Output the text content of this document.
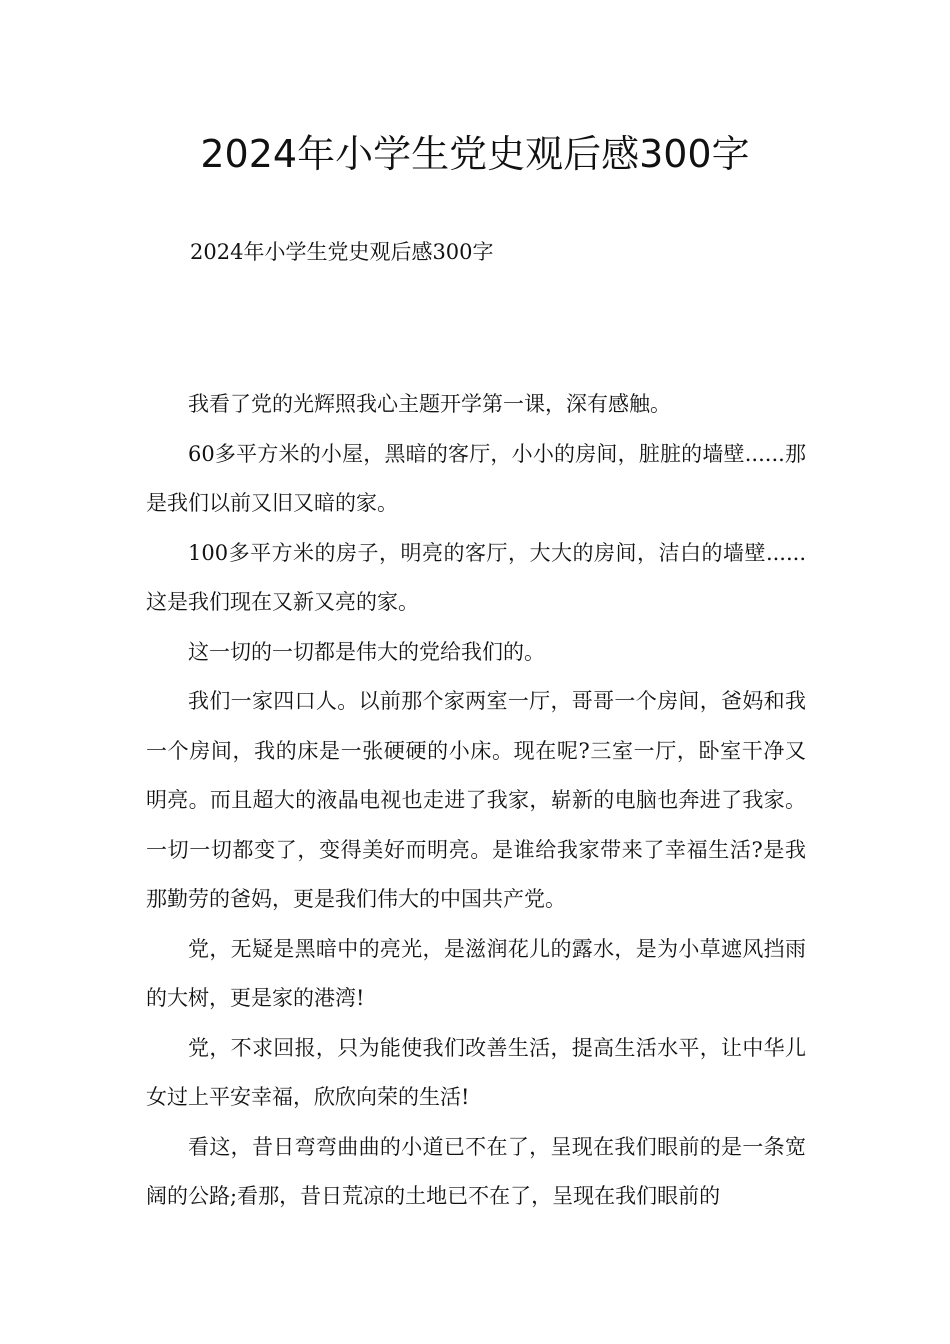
2024年小学生党史观后感300字

2024年小学生党史观后感300字

我看了党的光辉照我心主题开学第一课，深有感触。

60多平方米的小屋，黑暗的客厅，小小的房间，脏脏的墙壁......那是我们以前又旧又暗的家。

100多平方米的房子，明亮的客厅，大大的房间，洁白的墙壁......这是我们现在又新又亮的家。

这一切的一切都是伟大的党给我们的。

我们一家四口人。以前那个家两室一厅，哥哥一个房间，爸妈和我一个房间，我的床是一张硬硬的小床。现在呢?三室一厅，卧室干净又明亮。而且超大的液晶电视也走进了我家，崭新的电脑也奔进了我家。一切一切都变了，变得美好而明亮。是谁给我家带来了幸福生活?是我那勤劳的爸妈，更是我们伟大的中国共产党。

党，无疑是黑暗中的亮光，是滋润花儿的露水，是为小草遮风挡雨的大树，更是家的港湾!

党，不求回报，只为能使我们改善生活，提高生活水平，让中华儿女过上平安幸福，欣欣向荣的生活!

看这，昔日弯弯曲曲的小道已不在了，呈现在我们眼前的是一条宽阔的公路;看那，昔日荒凉的土地已不在了，呈现在我们眼前的
